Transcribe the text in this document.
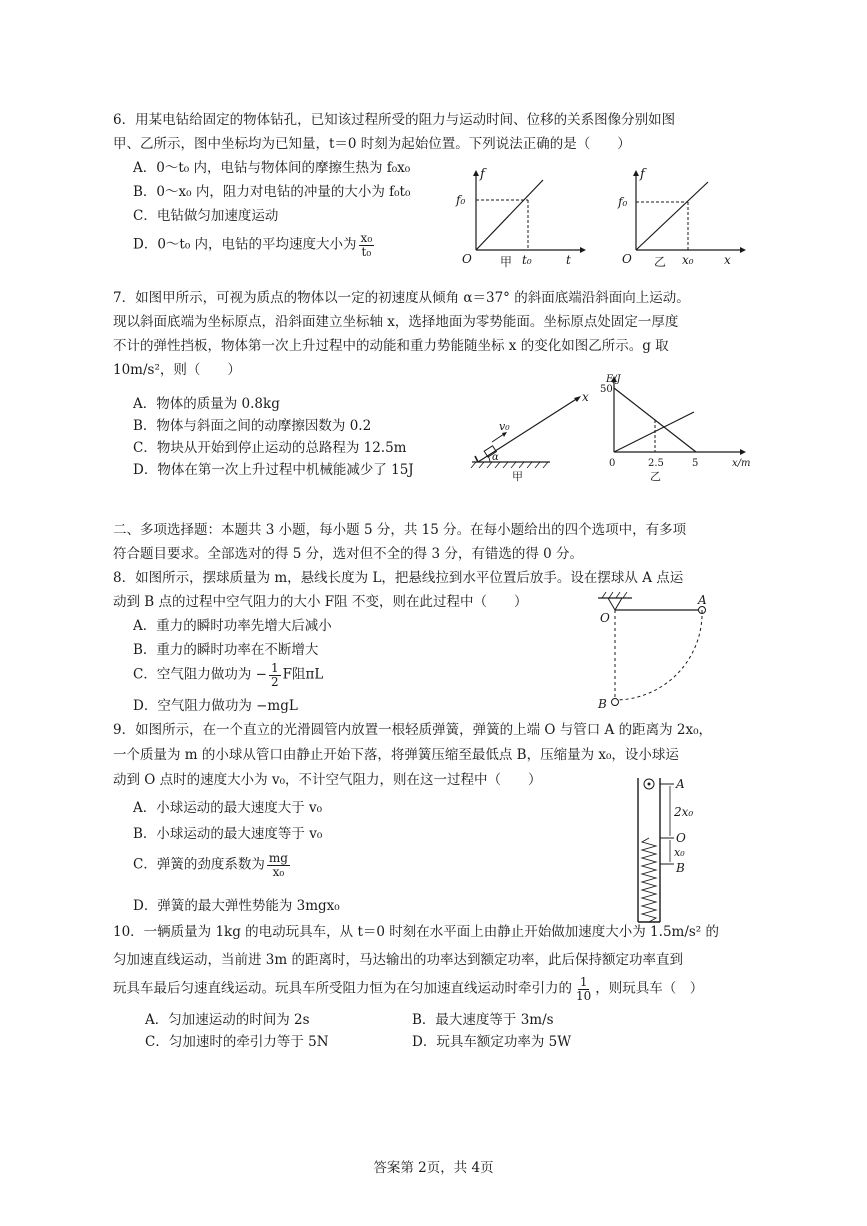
6．用某电钻给固定的物体钻孔，已知该过程所受的阻力与运动时间、位移的关系图像分别如图
甲、乙所示，图中坐标均为已知量，t＝0 时刻为起始位置。下列说法正确的是（　　）
A．0～t₀ 内，电钻与物体间的摩擦生热为 f₀x₀
B．0～x₀ 内，阻力对电钻的冲量的大小为 f₀t₀
C．电钻做匀加速度运动
D．0～t₀ 内，电钻的平均速度大小为 $\frac{\text{x₀}}{\text{t₀}}$
f
f₀
O	t₀	t
甲
f
f₀
O	x₀	x
乙
7．如图甲所示，可视为质点的物体以一定的初速度从倾角 α＝37° 的斜面底端沿斜面向上运动。
现以斜面底端为坐标原点，沿斜面建立坐标轴 x，选择地面为零势能面。坐标原点处固定一厚度
不计的弹性挡板，物体第一次上升过程中的动能和重力势能随坐标 x 的变化如图乙所示。g 取
10m/s²，则（　　）
A．物体的质量为 0.8kg
B．物体与斜面之间的动摩擦因数为 0.2
C．物块从开始到停止运动的总路程为 12.5m
D．物体在第一次上升过程中机械能减少了 15J
x
v₀
α
甲
E/J
50
0	2.5	5	x/m
乙
二、多项选择题：本题共 3 小题，每小题 5 分，共 15 分。在每小题给出的四个选项中，有多项
符合题目要求。全部选对的得 5 分，选对但不全的得 3 分，有错选的得 0 分。
8．如图所示，摆球质量为 m，悬线长度为 L，把悬线拉到水平位置后放手。设在摆球从 A 点运
动到 B 点的过程中空气阻力的大小 F阻 不变，则在此过程中（　　）
A．重力的瞬时功率先增大后减小
B．重力的瞬时功率在不断增大
C．空气阻力做功为 − $\frac{1}{2}$ F阻πL
D．空气阻力做功为 −mgL
O
A
B
9．如图所示，在一个直立的光滑圆管内放置一根轻质弹簧，弹簧的上端 O 与管口 A 的距离为 2x₀，
一个质量为 m 的小球从管口由静止开始下落，将弹簧压缩至最低点 B，压缩量为 x₀，设小球运
动到 O 点时的速度大小为 v₀，不计空气阻力，则在这一过程中（　　）
A．小球运动的最大速度大于 v₀
B．小球运动的最大速度等于 v₀
C．弹簧的劲度系数为 $\frac{mg}{\text{x₀}}$
D．弹簧的最大弹性势能为 3mgx₀
A
2x₀
O
x₀
B
10．一辆质量为 1kg 的电动玩具车，从 t＝0 时刻在水平面上由静止开始做加速度大小为 1.5m/s² 的
匀加速直线运动，当前进 3m 的距离时，马达输出的功率达到额定功率，此后保持额定功率直到
玩具车最后匀速直线运动。玩具车所受阻力恒为在匀加速直线运动时牵引力的 $\frac{1}{10}$ ，则玩具车（　）
A．匀加速运动的时间为 2s	B．最大速度等于 3m/s
C．匀加速时的牵引力等于 5N	D．玩具车额定功率为 5W
答案第 2页，共 4页
